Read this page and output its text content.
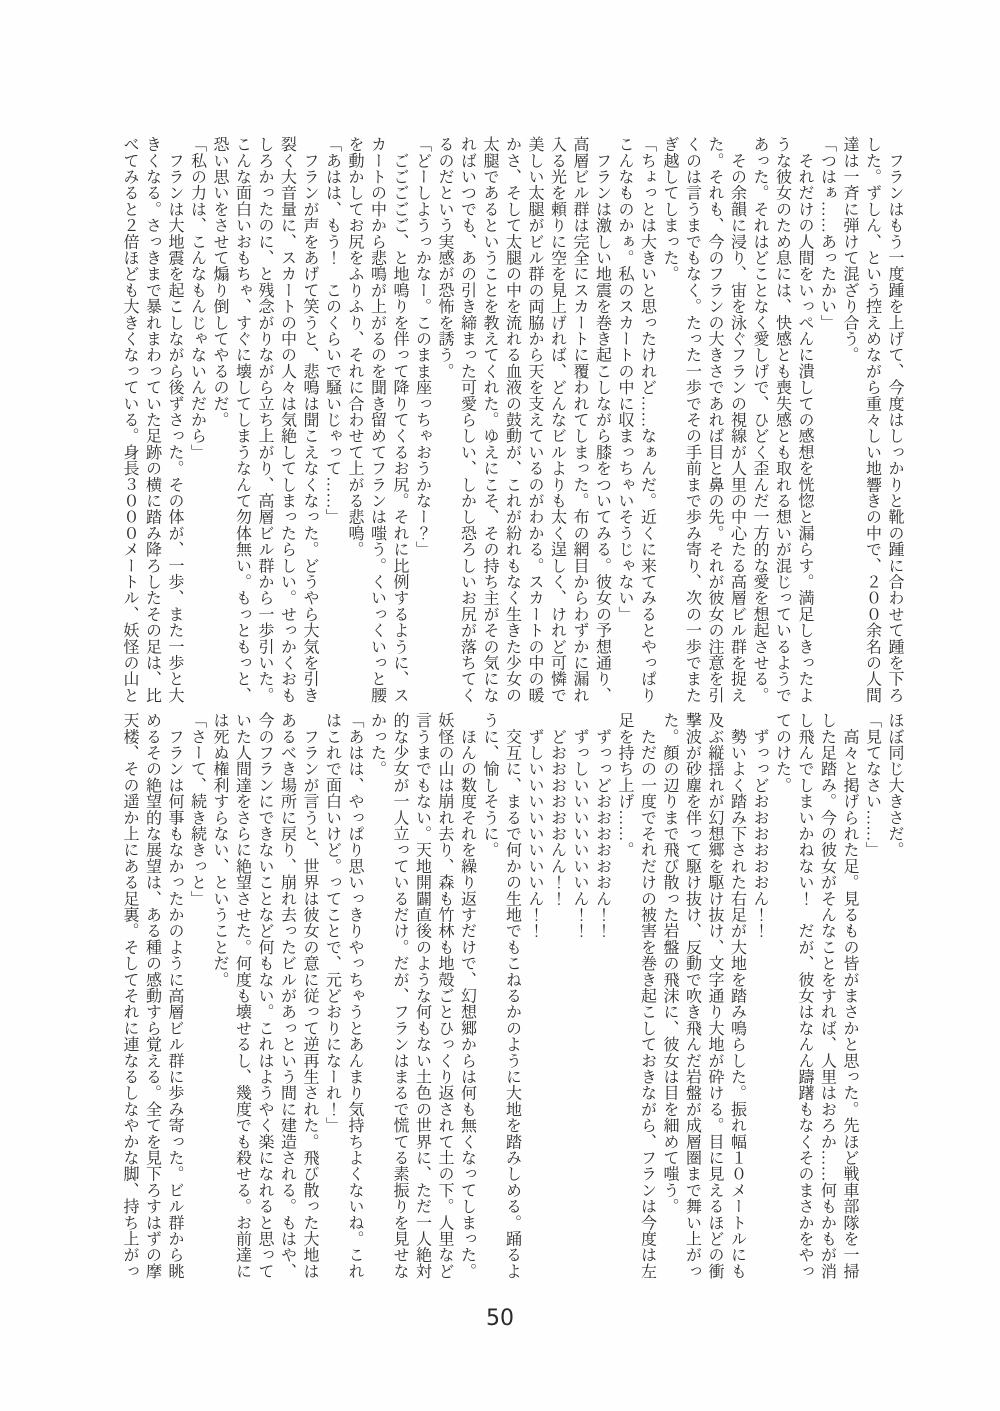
　フランはもう一度踵を上げて、今度はしっかりと靴の踵に合わせて踵を下ろ

した。ずしん、という控えめながら重々しい地響きの中で、２００余名の人間

達は一斉に弾けて混ざり合う。

「つはぁ……あったかい」

　それだけの人間をいっぺんに潰しての感想を恍惚と漏らす。満足しきったよ

うな彼女のため息には、快感とも喪失感とも取れる想いが混じっているようで

あった。それはどことなく愛しげで、ひどく歪んだ一方的な愛を想起させる。

　その余韻に浸り、宙を泳ぐフランの視線が人里の中心たる高層ビル群を捉え

た。それも、今のフランの大きさであれば目と鼻の先。それが彼女の注意を引

くのは言うまでもなく。たった一歩でその手前まで歩み寄り、次の一歩でまた

ぎ越してしまった。

「ちょっとは大きいと思ったけれど……なぁんだ。近くに来てみるとやっぱり

こんなものかぁ。私のスカートの中に収まっちゃいそうじゃない」

　フランは激しい地震を巻き起こしながら膝をついてみる。彼女の予想通り、

高層ビル群は完全にスカートに覆われてしまった。布の網目からわずかに漏れ

入る光を頼りに空を見上げれば、どんなビルよりも太く逞しく、けれど可憐で

美しい太腿がビル群の両脇から天を支えているのがわかる。スカートの中の暖

かさ、そして太腿の中を流れる血液の鼓動が、これが紛れもなく生きた少女の

太腿であるということを教えてくれた。ゆえにこそ、その持ち主がその気にな

ればいつでも、あの引き締まった可愛らしい、しかし恐ろしいお尻が落ちてく

るのだという実感が恐怖を誘う。

「どーしようっかなー。このまま座っちゃおうかなー？」

　ごごごごご、と地鳴りを伴って降りてくるお尻。それに比例するように、ス

カートの中から悲鳴が上がるのを聞き留めてフランは嗤う。くいっくいっと腰

を動かしてお尻をふりふり、それに合わせて上がる悲鳴。

「あはは、もう！　このくらいで騒いじゃって……」

　フランが声をあげて笑うと、悲鳴は聞こえなくなった。どうやら大気を引き

裂く大音量に、スカートの中の人々は気絶してしまったらしい。せっかくおも

しろかったのに、と残念がりながら立ち上がり、高層ビル群から一歩引いた。

こんな面白いおもちゃ、すぐに壊してしまうなんて勿体無い。もっともっと、

恐い思いをさせて煽り倒してやるのだ。

「私の力は、こんなもんじゃないんだから」

　フランは大地震を起こしながら後ずさった。その体が、一歩、また一歩と大

きくなる。さっきまで暴れまわっていた足跡の横に踏み降ろしたその足は、比

べてみると２倍ほども大きくなっている。身長３０００メートル、妖怪の山と

ほぼ同じ大きさだ。

「見てなさい……」

　高々と掲げられた足。見るもの皆がまさかと思った。先ほど戦車部隊を一掃

した足踏み。今の彼女がそんなことをすれば、人里はおろか……何もかもが消

し飛んでしまいかねない！　だが、彼女はなんん躊躇もなくそのまさかをやっ

てのけた。

　ずっっどおおおおおおん！！

　勢いよく踏み下された右足が大地を踏み鳴らした。振れ幅１０メートルにも

及ぶ縦揺れが幻想郷を駆け抜け、文字通り大地が砕ける。目に見えるほどの衝

撃波が砂塵を伴って駆け抜け、反動で吹き飛んだ岩盤が成層圏まで舞い上がっ

た。顔の辺りまで飛び散った岩盤の飛沫に、彼女は目を細めて嗤う。

　ただの一度でそれだけの被害を巻き起こしておきながら、フランは今度は左

足を持ち上げ……。

　ずっっどおおおおおおん！！

　ずっしいいいいいいいん！！

　どおおおおおおんん！！

　ずしいいいいいいいいん！！

　交互に、まるで何かの生地でもこねるかのように大地を踏みしめる。踊るよ

うに、愉しそうに。

　ほんの数度それを繰り返すだけで、幻想郷からは何も無くなってしまった。

妖怪の山は崩れ去り、森も竹林も地殻ごとひっくり返されて土の下。人里など

言うまでもない。天地開闢直後のような何もない土色の世界に、ただ一人絶対

的な少女が一人立っているだけ。だが、フランはまるで慌てる素振りを見せな

かった。

「あはは、やっぱり思いっきりやっちゃうとあんまり気持ちよくないね。これ

はこれで面白いけど。ってことで、元どおりになーれ！」

　フランが言うと、世界は彼女の意に従って逆再生された。飛び散った大地は

あるべき場所に戻り、崩れ去ったビルがあっという間に建造される。もはや、

今のフランにできないことなど何もない。これはようやく楽になれると思って

いた人間達をさらに絶望させた。何度も壊せるし、幾度でも殺せる。お前達に

は死ぬ権利すらない、ということだ。

「さーて、続き続きっと」

　フランは何事もなかったかのように高層ビル群に歩み寄った。ビル群から眺

めるその絶望的な展望は、ある種の感動すら覚える。全てを見下ろすはずの摩

天楼、その遥か上にある足裏。そしてそれに連なるしなやかな脚、持ち上がっ

50
